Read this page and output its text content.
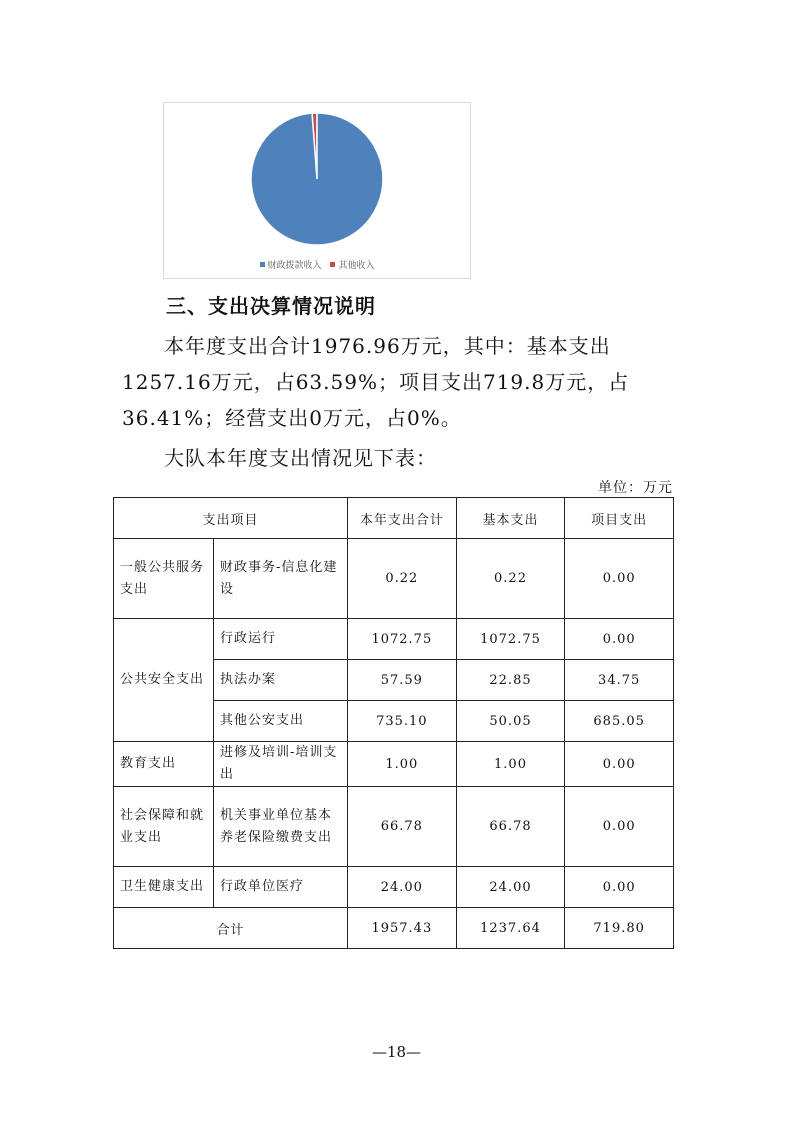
财政拨款收入 其他收入
三、支出决算情况说明
本年度支出合计1976.96万元，其中：基本支出1257.16万元，占63.59%；项目支出719.8万元，占36.41%；经营支出0万元，占0%。
大队本年度支出情况见下表：
单位：万元
支出项目		本年支出合计	基本支出	项目支出
一般公共服务支出	财政事务-信息化建设	0.22	0.22	0.00
公共安全支出	行政运行	1072.75	1072.75	0.00
	执法办案	57.59	22.85	34.75
	其他公安支出	735.10	50.05	685.05
教育支出	进修及培训-培训支出	1.00	1.00	0.00
社会保障和就业支出	机关事业单位基本养老保险缴费支出	66.78	66.78	0.00
卫生健康支出	行政单位医疗	24.00	24.00	0.00
合计		1957.43	1237.64	719.80
—18—
